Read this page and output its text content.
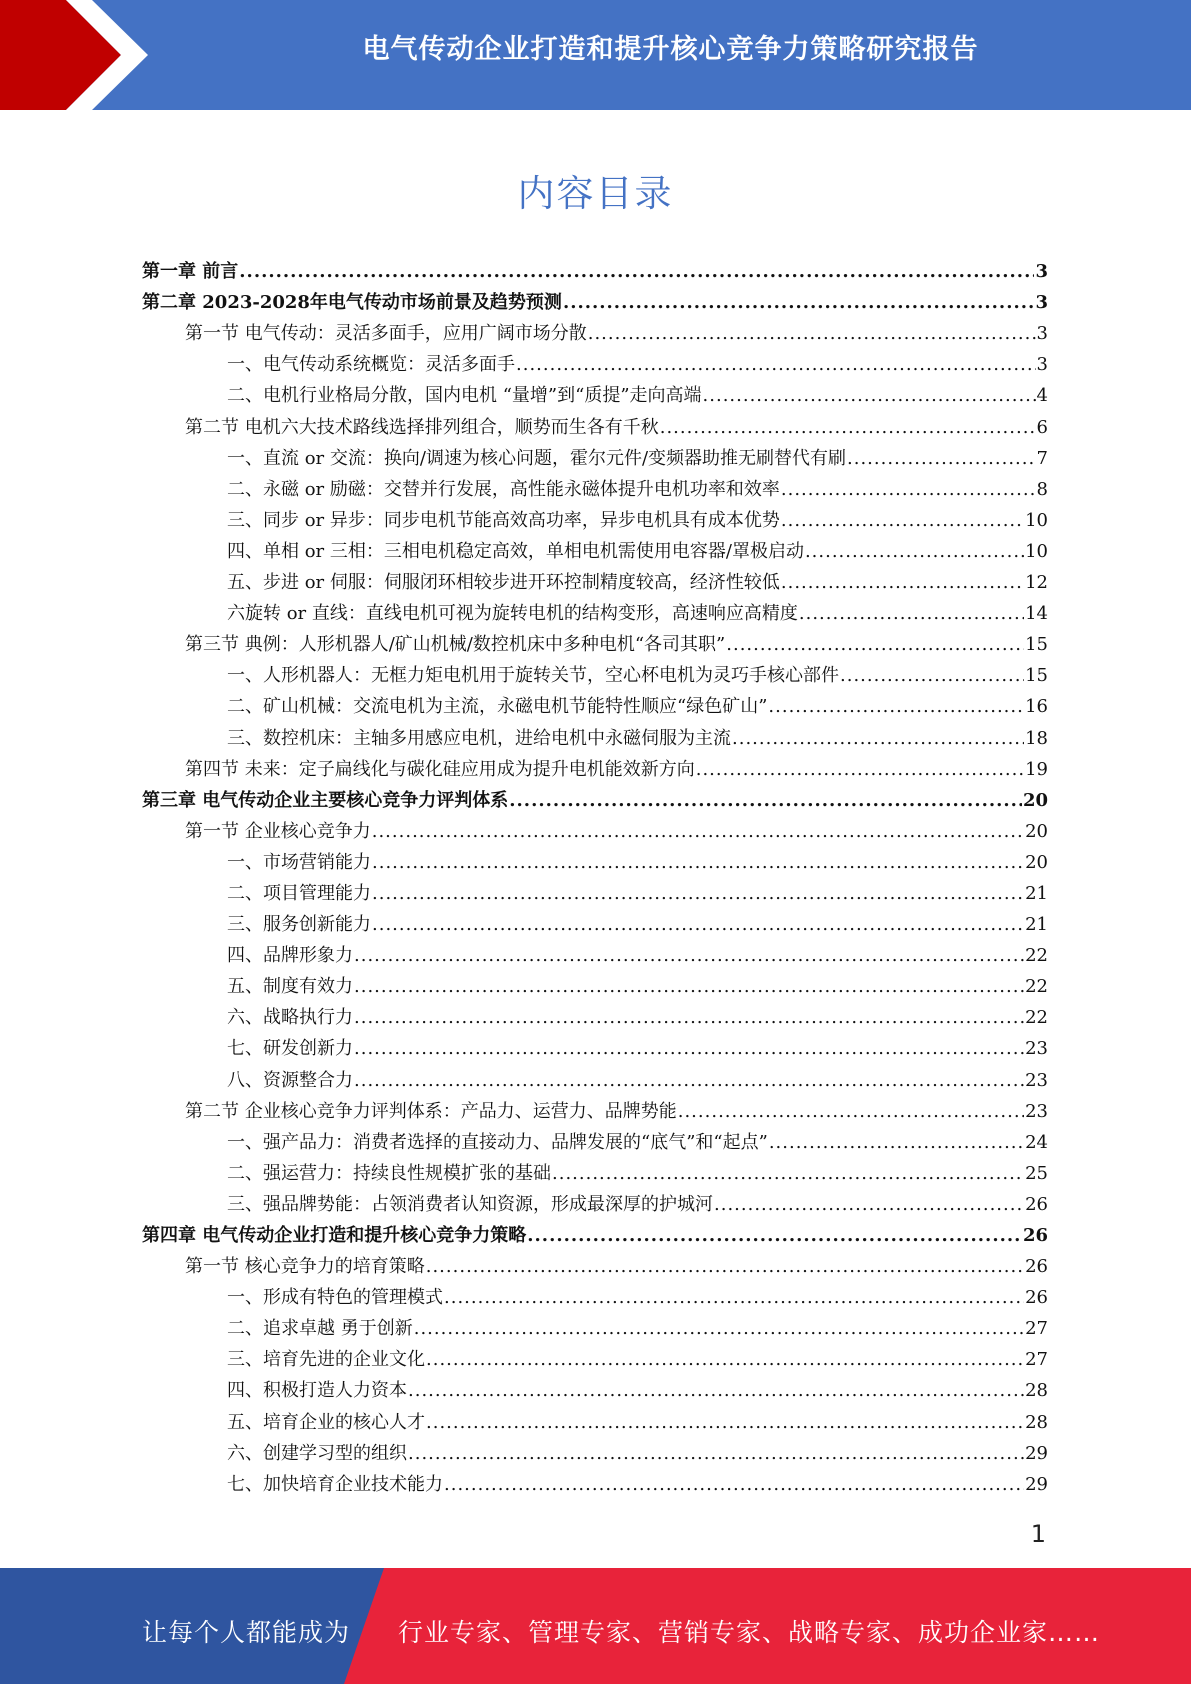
电气传动企业打造和提升核心竞争力策略研究报告
内容目录
第一章 前言 .....	3
第二章 2023-2028年电气传动市场前景及趋势预测 .....	3
第一节 电气传动：灵活多面手，应用广阔市场分散 .....	3
一、电气传动系统概览：灵活多面手 .....	3
二、电机行业格局分散，国内电机 “量增”到“质提”走向高端 .....	4
第二节 电机六大技术路线选择排列组合，顺势而生各有千秋 .....	6
一、直流 or 交流：换向/调速为核心问题，霍尔元件/变频器助推无刷替代有刷 .....	7
二、永磁 or 励磁：交替并行发展，高性能永磁体提升电机功率和效率 .....	8
三、同步 or 异步：同步电机节能高效高功率，异步电机具有成本优势 .....	10
四、单相 or 三相：三相电机稳定高效，单相电机需使用电容器/罩极启动 .....	10
五、步进 or 伺服：伺服闭环相较步进开环控制精度较高，经济性较低 .....	12
六旋转 or 直线：直线电机可视为旋转电机的结构变形，高速响应高精度 .....	14
第三节 典例：人形机器人/矿山机械/数控机床中多种电机“各司其职” .....	15
一、人形机器人：无框力矩电机用于旋转关节，空心杯电机为灵巧手核心部件 .....	15
二、矿山机械：交流电机为主流，永磁电机节能特性顺应“绿色矿山” .....	16
三、数控机床：主轴多用感应电机，进给电机中永磁伺服为主流 .....	18
第四节 未来：定子扁线化与碳化硅应用成为提升电机能效新方向 .....	19
第三章 电气传动企业主要核心竞争力评判体系 .....	20
第一节 企业核心竞争力 .....	20
一、市场营销能力 .....	20
二、项目管理能力 .....	21
三、服务创新能力 .....	21
四、品牌形象力 .....	22
五、制度有效力 .....	22
六、战略执行力 .....	22
七、研发创新力 .....	23
八、资源整合力 .....	23
第二节 企业核心竞争力评判体系：产品力、运营力、品牌势能 .....	23
一、强产品力：消费者选择的直接动力、品牌发展的“底气”和“起点” .....	24
二、强运营力：持续良性规模扩张的基础 .....	25
三、强品牌势能：占领消费者认知资源，形成最深厚的护城河 .....	26
第四章 电气传动企业打造和提升核心竞争力策略 .....	26
第一节 核心竞争力的培育策略 .....	26
一、形成有特色的管理模式 .....	26
二、追求卓越 勇于创新 .....	27
三、培育先进的企业文化 .....	27
四、积极打造人力资本 .....	28
五、培育企业的核心人才 .....	28
六、创建学习型的组织 .....	29
七、加快培育企业技术能力 .....	29
1
让每个人都能成为 行业专家、管理专家、营销专家、战略专家、成功企业家……
